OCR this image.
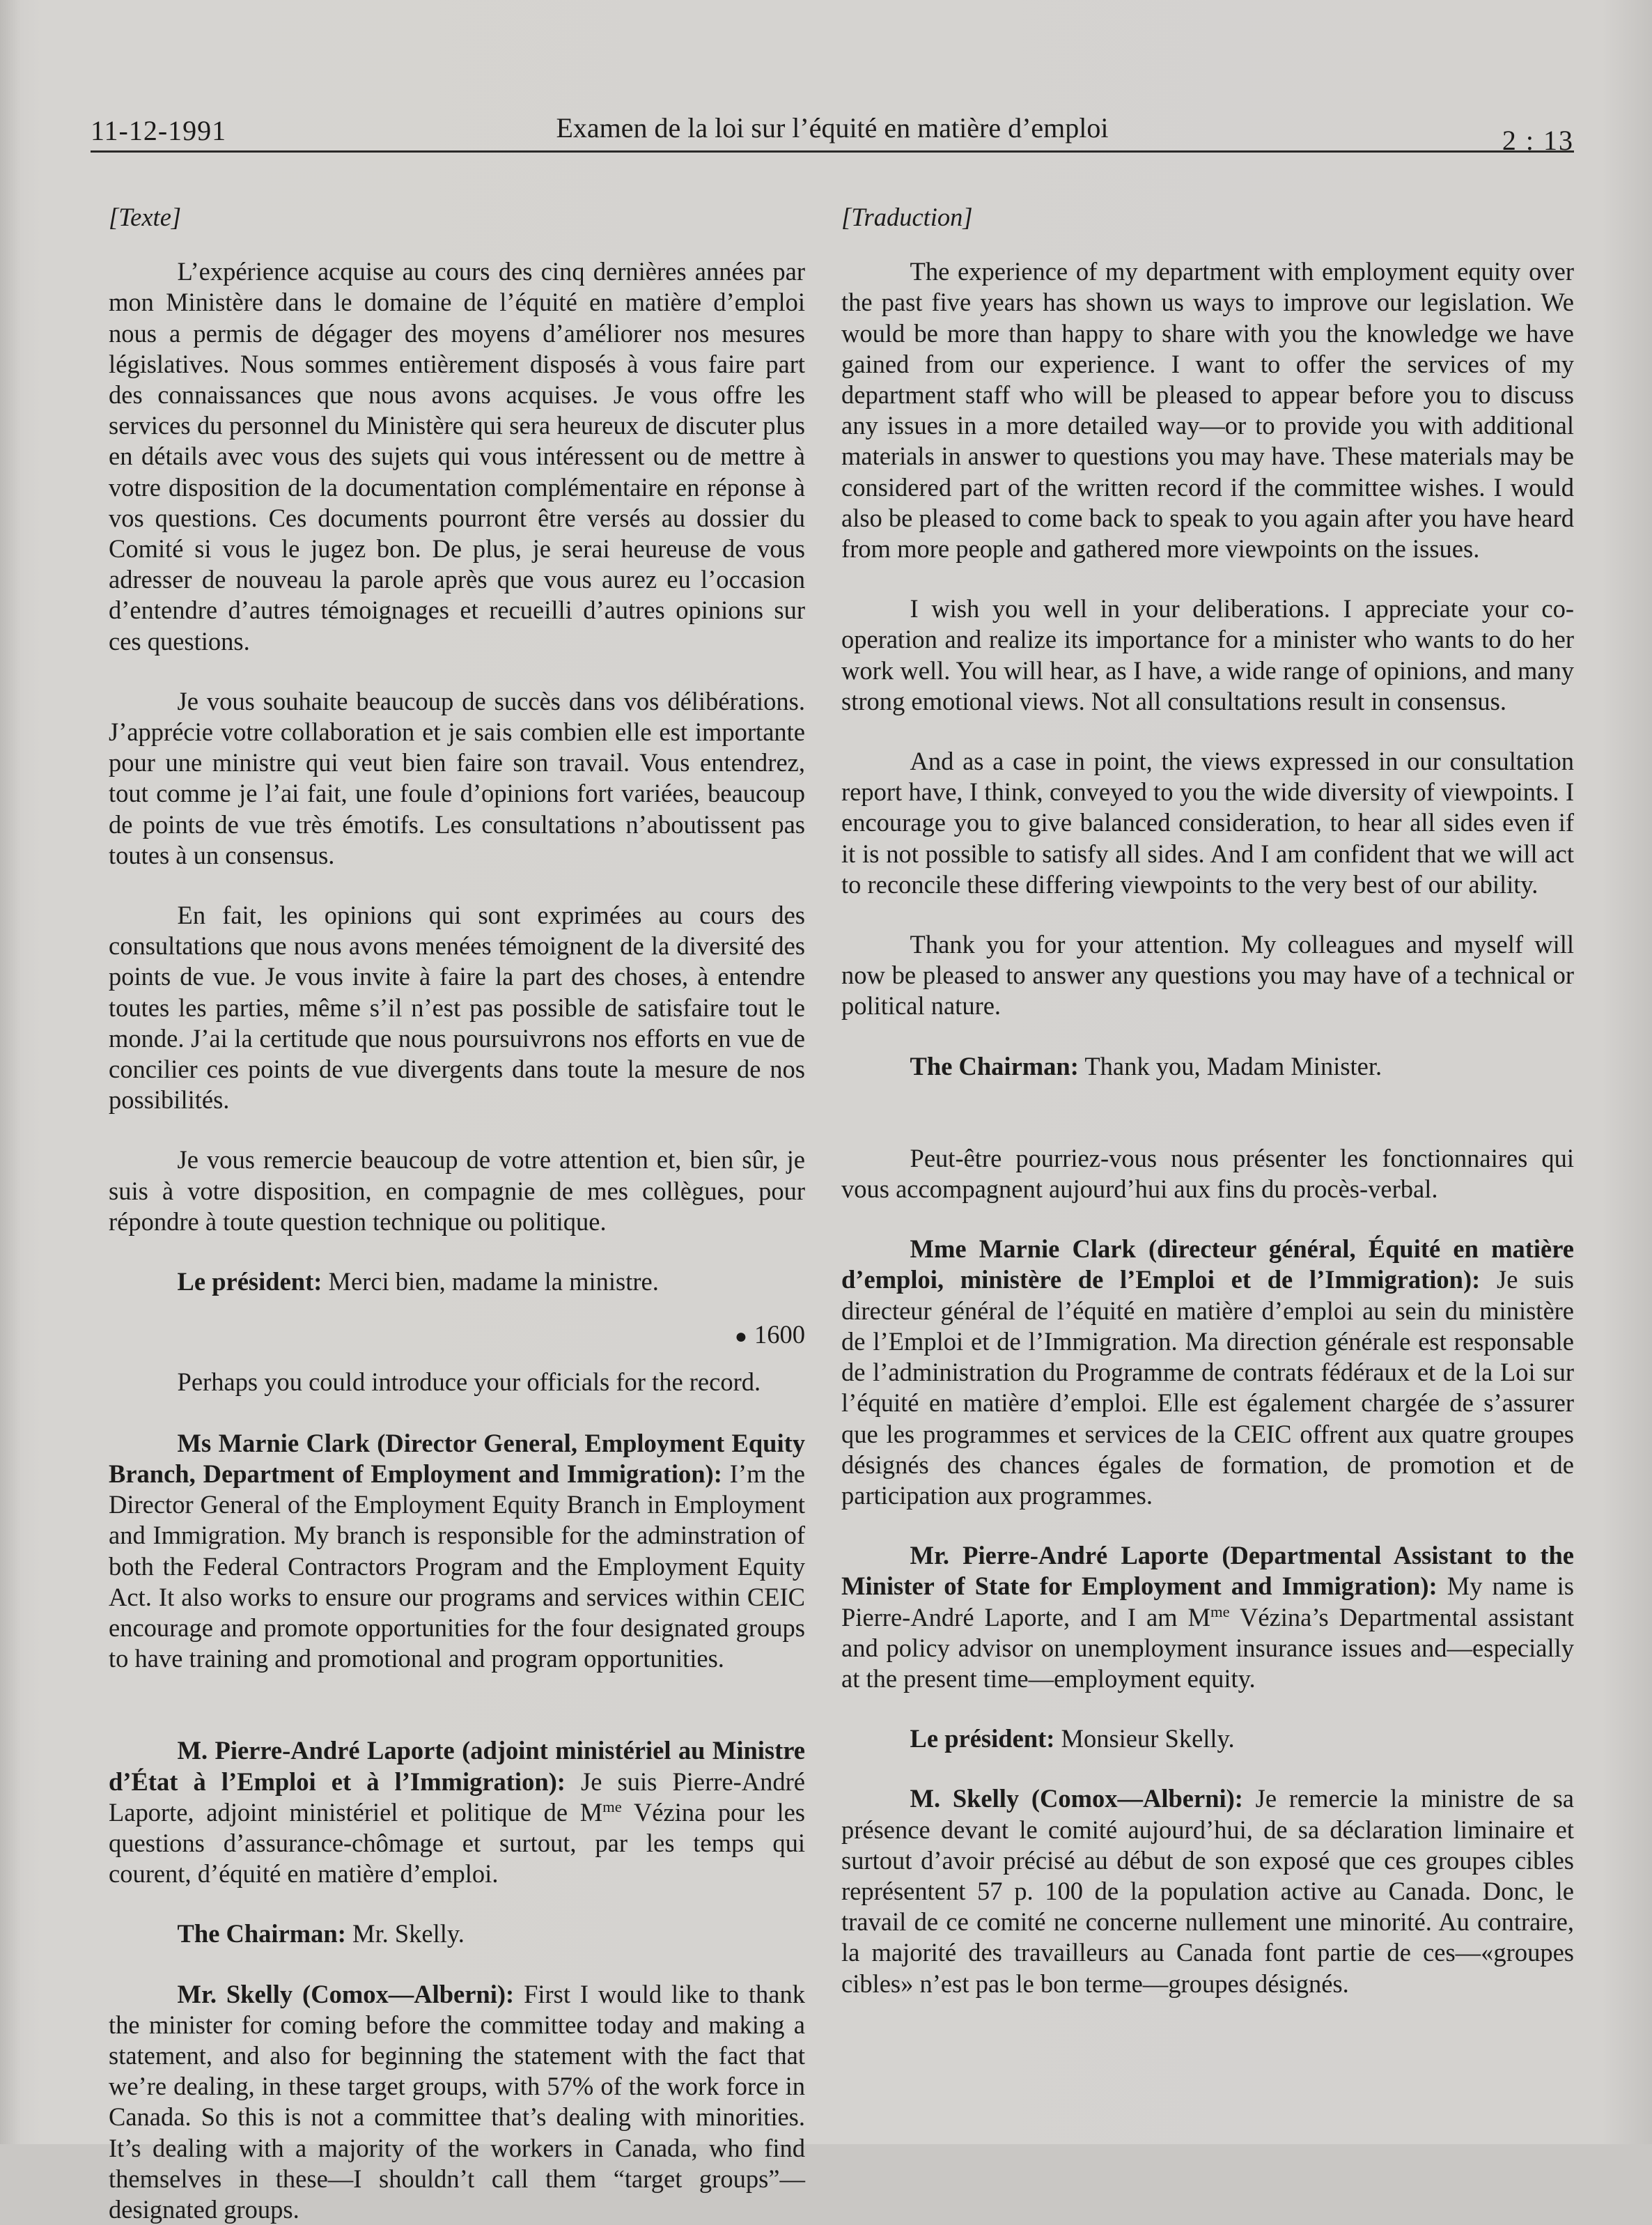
11-12-1991	Examen de la loi sur l’équité en matière d’emploi	2 : 13

[Texte]

L’expérience acquise au cours des cinq dernières années par mon Ministère dans le domaine de l’équité en matière d’emploi nous a permis de dégager des moyens d’améliorer nos mesures législatives. Nous sommes entièrement disposés à vous faire part des connaissances que nous avons acquises. Je vous offre les services du personnel du Ministère qui sera heureux de discuter plus en détails avec vous des sujets qui vous intéressent ou de mettre à votre disposition de la documentation complémentaire en réponse à vos questions. Ces documents pourront être versés au dossier du Comité si vous le jugez bon. De plus, je serai heureuse de vous adresser de nouveau la parole après que vous aurez eu l’occasion d’entendre d’autres témoignages et recueilli d’autres opinions sur ces questions.

Je vous souhaite beaucoup de succès dans vos délibérations. J’apprécie votre collaboration et je sais combien elle est importante pour une ministre qui veut bien faire son travail. Vous entendrez, tout comme je l’ai fait, une foule d’opinions fort variées, beaucoup de points de vue très émotifs. Les consultations n’aboutissent pas toutes à un consensus.

En fait, les opinions qui sont exprimées au cours des consultations que nous avons menées témoignent de la diversité des points de vue. Je vous invite à faire la part des choses, à entendre toutes les parties, même s’il n’est pas possible de satisfaire tout le monde. J’ai la certitude que nous poursuivrons nos efforts en vue de concilier ces points de vue divergents dans toute la mesure de nos possibilités.

Je vous remercie beaucoup de votre attention et, bien sûr, je suis à votre disposition, en compagnie de mes collègues, pour répondre à toute question technique ou politique.

Le président: Merci bien, madame la ministre.

● 1600

Perhaps you could introduce your officials for the record.

Ms Marnie Clark (Director General, Employment Equity Branch, Department of Employment and Immigration): I’m the Director General of the Employment Equity Branch in Employment and Immigration. My branch is responsible for the adminstration of both the Federal Contractors Program and the Employment Equity Act. It also works to ensure our programs and services within CEIC encourage and promote opportunities for the four designated groups to have training and promotional and program opportunities.

M. Pierre-André Laporte (adjoint ministériel au Ministre d’État à l’Emploi et à l’Immigration): Je suis Pierre-André Laporte, adjoint ministériel et politique de $M^{me}$ Vézina pour les questions d’assurance-chômage et surtout, par les temps qui courent, d’équité en matière d’emploi.

The Chairman: Mr. Skelly.

Mr. Skelly (Comox—Alberni): First I would like to thank the minister for coming before the committee today and making a statement, and also for beginning the statement with the fact that we’re dealing, in these target groups, with 57% of the work force in Canada. So this is not a committee that’s dealing with minorities. It’s dealing with a majority of the workers in Canada, who find themselves in these—I shouldn’t call them “target groups”—designated groups.

[Traduction]

The experience of my department with employment equity over the past five years has shown us ways to improve our legislation. We would be more than happy to share with you the knowledge we have gained from our experience. I want to offer the services of my department staff who will be pleased to appear before you to discuss any issues in a more detailed way—or to provide you with additional materials in answer to questions you may have. These materials may be considered part of the written record if the committee wishes. I would also be pleased to come back to speak to you again after you have heard from more people and gathered more viewpoints on the issues.

I wish you well in your deliberations. I appreciate your co-operation and realize its importance for a minister who wants to do her work well. You will hear, as I have, a wide range of opinions, and many strong emotional views. Not all consultations result in consensus.

And as a case in point, the views expressed in our consultation report have, I think, conveyed to you the wide diversity of viewpoints. I encourage you to give balanced consideration, to hear all sides even if it is not possible to satisfy all sides. And I am confident that we will act to reconcile these differing viewpoints to the very best of our ability.

Thank you for your attention. My colleagues and myself will now be pleased to answer any questions you may have of a technical or political nature.

The Chairman: Thank you, Madam Minister.

Peut-être pourriez-vous nous présenter les fonctionnaires qui vous accompagnent aujourd’hui aux fins du procès-verbal.

Mme Marnie Clark (directeur général, Équité en matière d’emploi, ministère de l’Emploi et de l’Immigration): Je suis directeur général de l’équité en matière d’emploi au sein du ministère de l’Emploi et de l’Immigration. Ma direction générale est responsable de l’administration du Programme de contrats fédéraux et de la Loi sur l’équité en matière d’emploi. Elle est également chargée de s’assurer que les programmes et services de la CEIC offrent aux quatre groupes désignés des chances égales de formation, de promotion et de participation aux programmes.

Mr. Pierre-André Laporte (Departmental Assistant to the Minister of State for Employment and Immigration): My name is Pierre-André Laporte, and I am $M^{me}$ Vézina’s Departmental assistant and policy advisor on unemployment insurance issues and—especially at the present time—employment equity.

Le président: Monsieur Skelly.

M. Skelly (Comox—Alberni): Je remercie la ministre de sa présence devant le comité aujourd’hui, de sa déclaration liminaire et surtout d’avoir précisé au début de son exposé que ces groupes cibles représentent 57 p. 100 de la population active au Canada. Donc, le travail de ce comité ne concerne nullement une minorité. Au contraire, la majorité des travailleurs au Canada font partie de ces—«groupes cibles» n’est pas le bon terme—groupes désignés.
